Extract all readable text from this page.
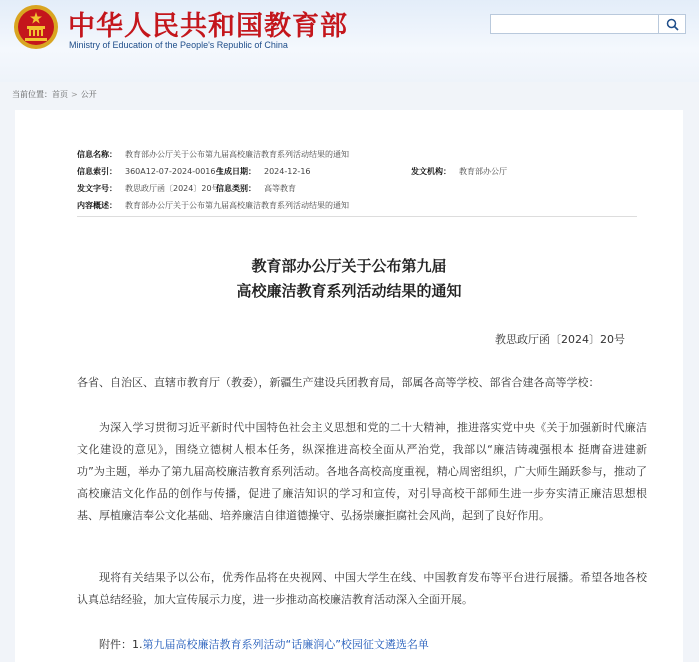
中华人民共和国教育部
Ministry of Education of the People's Republic of China
当前位置：首页 > 公开
信息名称： 教育部办公厅关于公布第九届高校廉洁教育系列活动结果的通知
信息索引： 360A12-07-2024-0016-1
生成日期： 2024-12-16	发文机构： 教育部办公厅
发文字号： 教思政厅函〔2024〕20号
信息类别： 高等教育
内容概述： 教育部办公厅关于公布第九届高校廉洁教育系列活动结果的通知
教育部办公厅关于公布第九届
高校廉洁教育系列活动结果的通知
教思政厅函〔2024〕20号
各省、自治区、直辖市教育厅（教委），新疆生产建设兵团教育局，部属各高等学校、部省合建各高等学校：
为深入学习贯彻习近平新时代中国特色社会主义思想和党的二十大精神，推进落实党中央《关于加强新时代廉洁文化建设的意见》，围绕立德树人根本任务，纵深推进高校全面从严治党，我部以“廉洁铸魂强根本 挺膺奋进建新功”为主题，举办了第九届高校廉洁教育系列活动。各地各高校高度重视，精心周密组织，广大师生踊跃参与，推动了高校廉洁文化作品的创作与传播，促进了廉洁知识的学习和宣传，对引导高校干部师生进一步夯实清正廉洁思想根基、厚植廉洁奉公文化基础、培养廉洁自律道德操守、弘扬崇廉拒腐社会风尚，起到了良好作用。
现将有关结果予以公布，优秀作品将在央视网、中国大学生在线、中国教育发布等平台进行展播。希望各地各校认真总结经验，加大宣传展示力度，进一步推动高校廉洁教育活动深入全面开展。
附件：1.第九届高校廉洁教育系列活动“话廉润心”校园征文遴选名单
